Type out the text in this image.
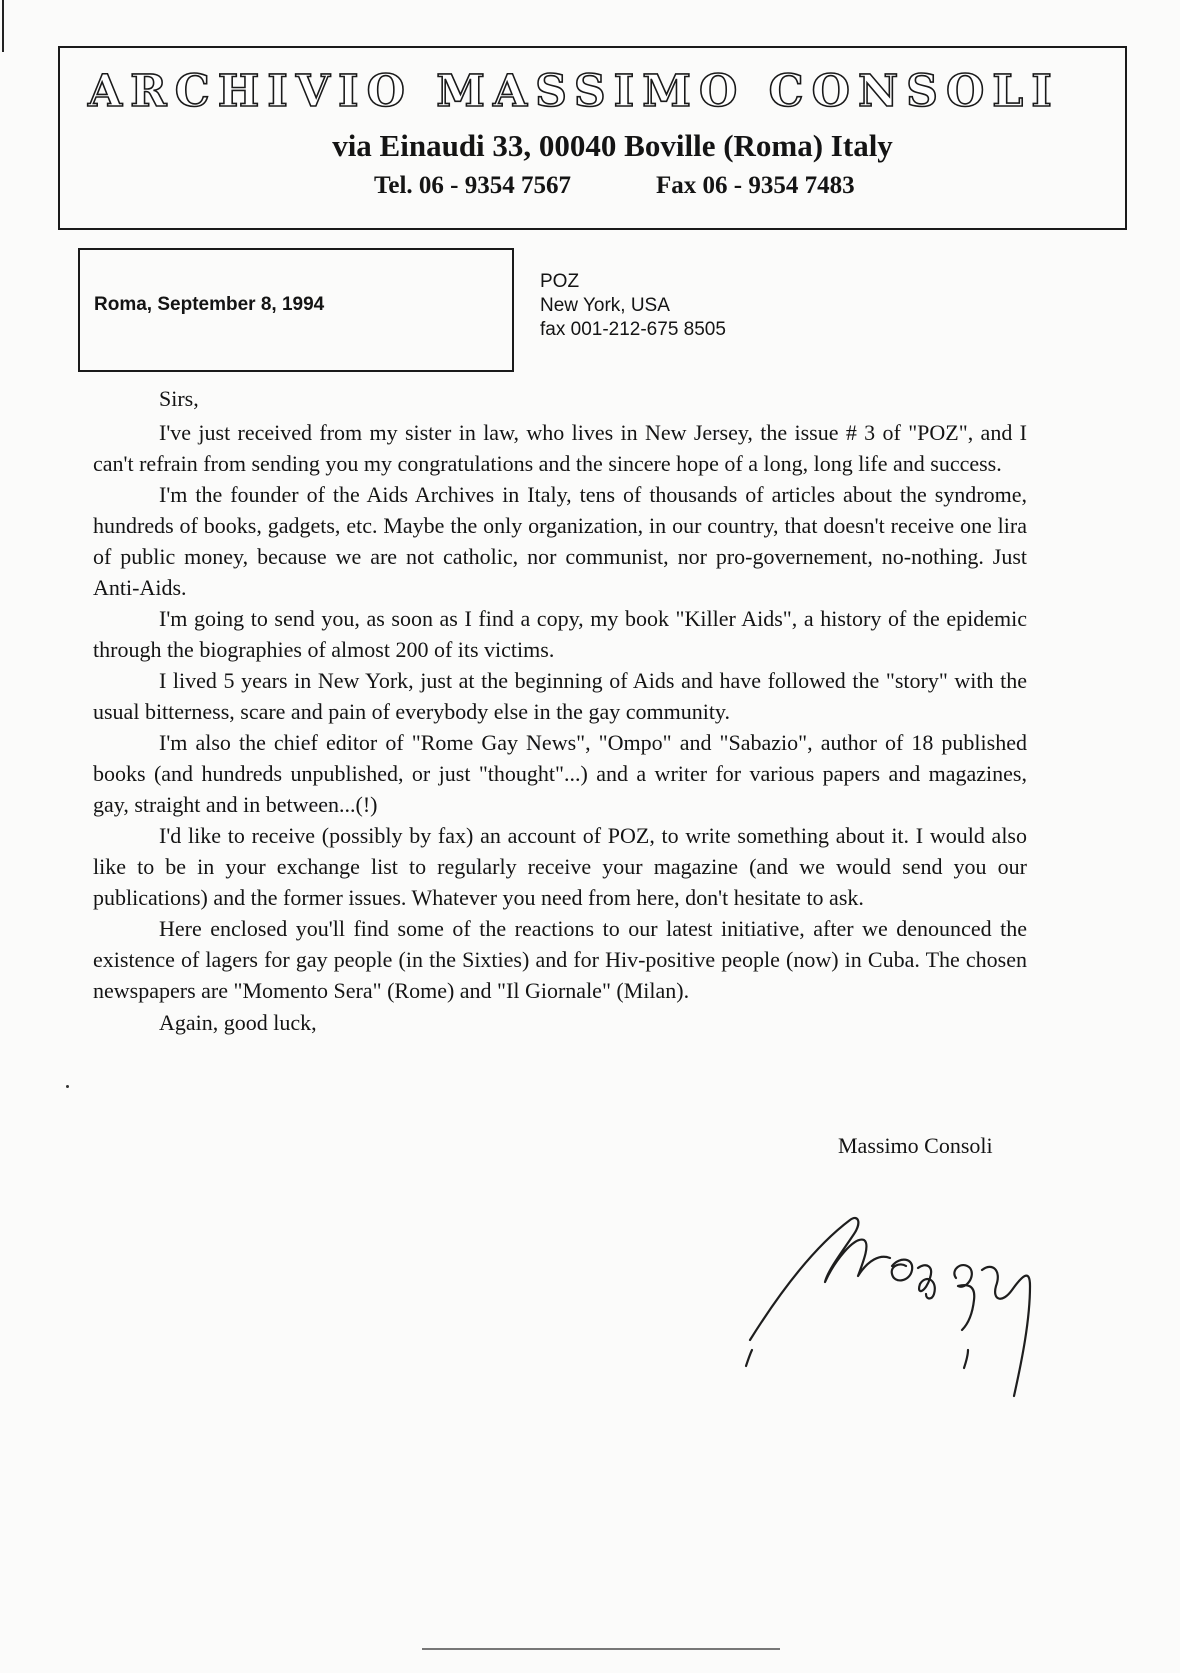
ARCHIVIO MASSIMO CONSOLI
via Einaudi 33, 00040 Boville (Roma) Italy
Tel. 06 - 9354 7567	Fax 06 - 9354 7483
Roma, September 8, 1994
POZ
New York, USA
fax 001-212-675 8505

Sirs,

I've just received from my sister in law, who lives in New Jersey, the issue # 3 of "POZ", and I can't refrain from sending you my congratulations and the sincere hope of a long, long life and success.

I'm the founder of the Aids Archives in Italy, tens of thousands of articles about the syndrome, hundreds of books, gadgets, etc. Maybe the only organization, in our country, that doesn't receive one lira of public money, because we are not catholic, nor communist, nor pro-governement, no-nothing. Just Anti-Aids.

I'm going to send you, as soon as I find a copy, my book "Killer Aids", a history of the epidemic through the biographies of almost 200 of its victims.

I lived 5 years in New York, just at the beginning of Aids and have followed the "story" with the usual bitterness, scare and pain of everybody else in the gay community.

I'm also the chief editor of "Rome Gay News", "Ompo" and "Sabazio", author of 18 published books (and hundreds unpublished, or just "thought"...) and a writer for various papers and magazines, gay, straight and in between...(!)

I'd like to receive (possibly by fax) an account of POZ, to write something about it. I would also like to be in your exchange list to regularly receive your magazine (and we would send you our publications) and the former issues. Whatever you need from here, don't hesitate to ask.

Here enclosed you'll find some of the reactions to our latest initiative, after we denounced the existence of lagers for gay people (in the Sixties) and for Hiv-positive people (now) in Cuba. The chosen newspapers are "Momento Sera" (Rome) and "Il Giornale" (Milan).

Again, good luck,

Massimo Consoli
